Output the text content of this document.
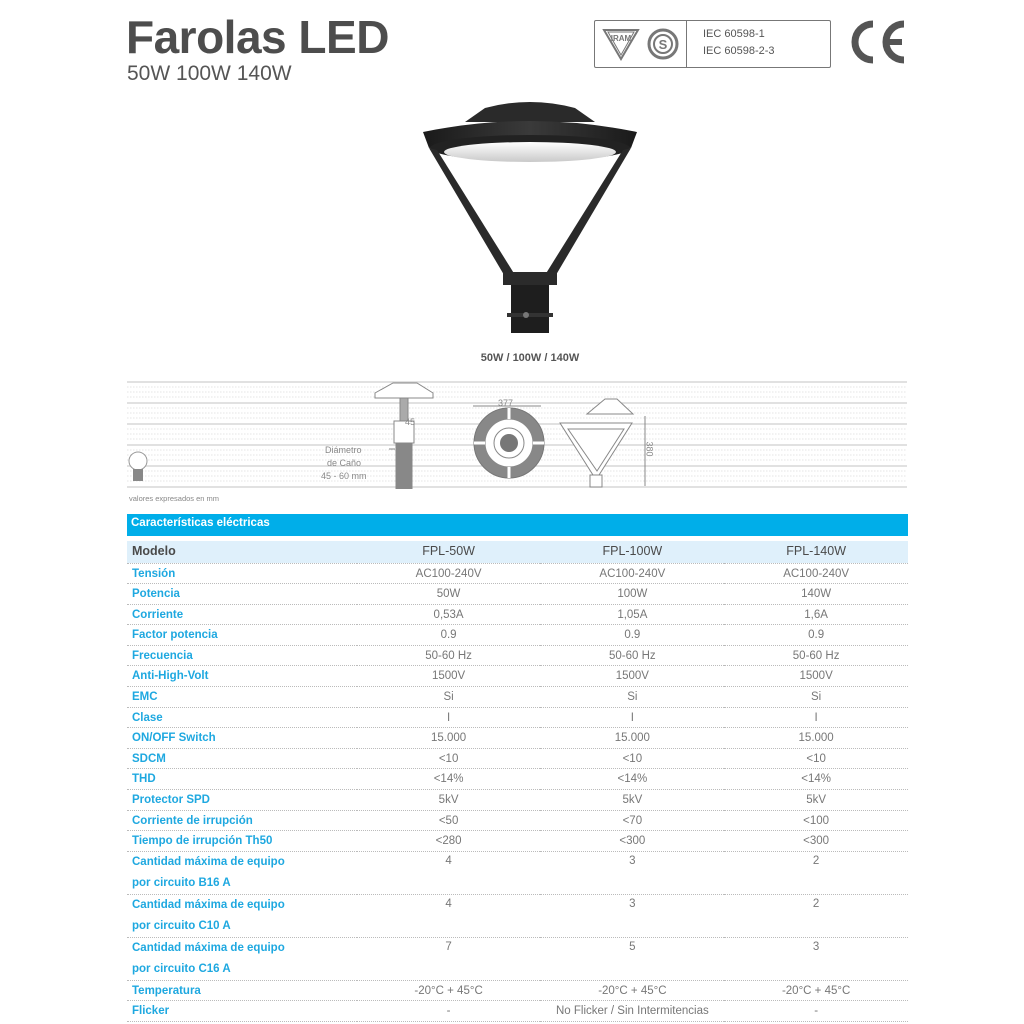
Farolas LED
50W 100W 140W
IRAM S
IEC 60598-1
IEC 60598-2-3
50W / 100W / 140W
45
377
380
Diámetro
de Caño
45 - 60 mm
valores expresados en mm
Características eléctricas
Modelo	FPL-50W	FPL-100W	FPL-140W
Tensión	AC100-240V	AC100-240V	AC100-240V
Potencia	50W	100W	140W
Corriente	0,53A	1,05A	1,6A
Factor potencia	0.9	0.9	0.9
Frecuencia	50-60 Hz	50-60 Hz	50-60 Hz
Anti-High-Volt	1500V	1500V	1500V
EMC	Si	Si	Si
Clase	I	I	I
ON/OFF Switch	15.000	15.000	15.000
SDCM	<10	<10	<10
THD	<14%	<14%	<14%
Protector SPD	5kV	5kV	5kV
Corriente de irrupción	<50	<70	<100
Tiempo de irrupción Th50	<280	<300	<300

Cantidad máxima de equipo
por circuito B16 A	4	3	2

Cantidad máxima de equipo
por circuito C10 A	4	3	2

Cantidad máxima de equipo
por circuito C16 A	7	5	3
Temperatura	-20°C + 45°C	-20°C + 45°C	-20°C + 45°C
Flicker	-	No Flicker / Sin Intermitencias	-
